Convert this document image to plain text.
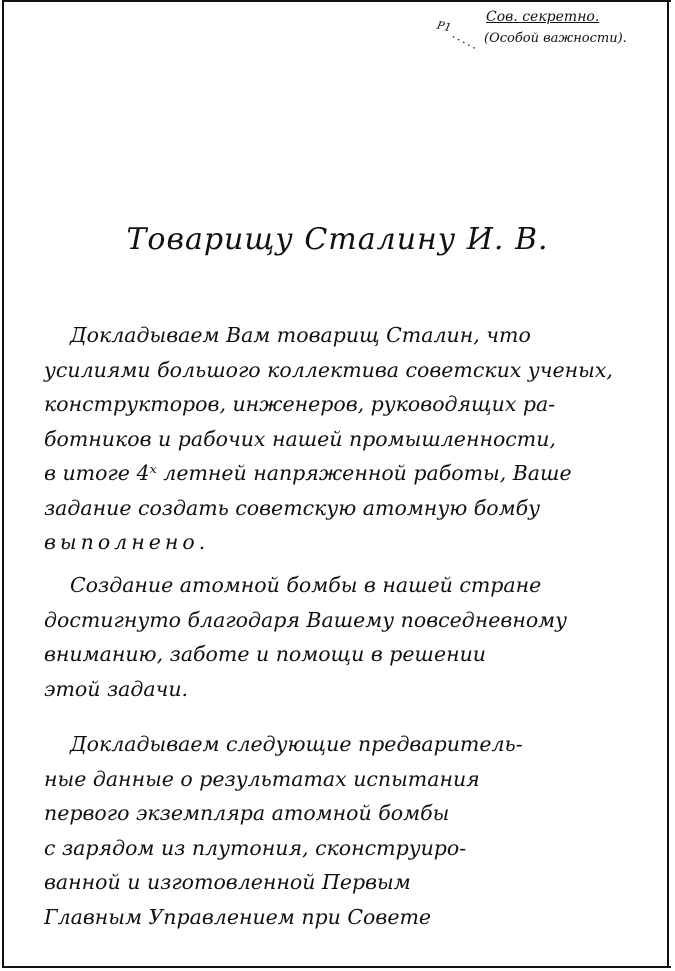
Р1
·····
Сов. секретно.
(Особой важности).
Товарищу Сталину И. В.
Докладываем Вам товарищ Сталин, что
усилиями большого коллектива советских ученых,
конструкторов, инженеров, руководящих ра-
ботников и рабочих нашей промышленности,
в итоге 4ˣ летней напряженной работы, Ваше
задание создать советскую атомную бомбу
выполнено.
Создание атомной бомбы в нашей стране
достигнуто благодаря Вашему повседневному
вниманию, заботе и помощи в решении
этой задачи.
Докладываем следующие предваритель-
ные данные о результатах испытания
первого экземпляра атомной бомбы
с зарядом из плутония, сконструиро-
ванной и изготовленной Первым
Главным Управлением при Совете
